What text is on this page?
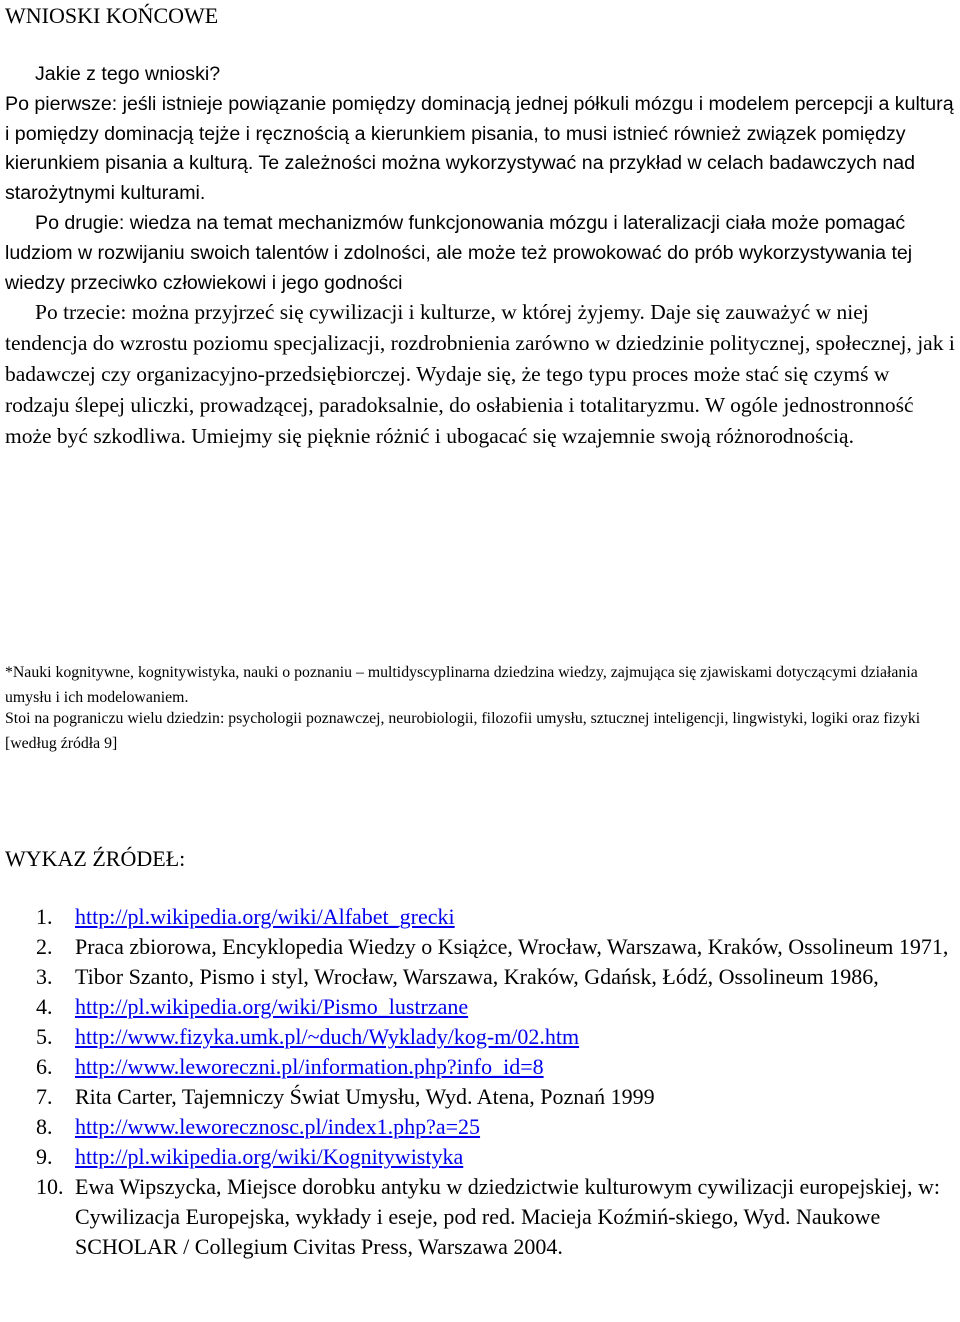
WNIOSKI KOŃCOWE

Jakie z tego wnioski?
Po pierwsze: jeśli istnieje powiązanie pomiędzy dominacją jednej półkuli mózgu i modelem percepcji a kulturą i pomiędzy dominacją tejże i ręcznością a kierunkiem pisania, to musi istnieć również związek pomiędzy kierunkiem pisania a kulturą. Te zależności można wykorzystywać na przykład w celach badawczych nad starożytnymi kulturami.
Po drugie: wiedza na temat mechanizmów funkcjonowania mózgu i lateralizacji ciała może pomagać ludziom w rozwijaniu swoich talentów i zdolności, ale może też prowokować do prób wykorzystywania tej wiedzy przeciwko człowiekowi i jego godności
Po trzecie: można przyjrzeć się cywilizacji i kulturze, w której żyjemy. Daje się zauważyć w niej tendencja do wzrostu poziomu specjalizacji, rozdrobnienia zarówno w dziedzinie politycznej, społecznej, jak i badawczej czy organizacyjno-przedsiębiorczej. Wydaje się, że tego typu proces może stać się czymś w rodzaju ślepej uliczki, prowadzącej, paradoksalnie, do osłabienia i totalitaryzmu. W ogóle jednostronność może być szkodliwa. Umiejmy się pięknie różnić i ubogacać się wzajemnie swoją różnorodnością.

*Nauki kognitywne, kognitywistyka, nauki o poznaniu – multidyscyplinarna dziedzina wiedzy, zajmująca się zjawiskami dotyczącymi działania umysłu i ich modelowaniem.

Stoi na pograniczu wielu dziedzin: psychologii poznawczej, neurobiologii, filozofii umysłu, sztucznej inteligencji, lingwistyki, logiki oraz fizyki [według źródła 9]

WYKAZ ŹRÓDEŁ:
1. http://pl.wikipedia.org/wiki/Alfabet_grecki
2. Praca zbiorowa, Encyklopedia Wiedzy o Książce, Wrocław, Warszawa, Kraków, Ossolineum 1971,
3. Tibor Szanto, Pismo i styl, Wrocław, Warszawa, Kraków, Gdańsk, Łódź, Ossolineum 1986,
4. http://pl.wikipedia.org/wiki/Pismo_lustrzane
5. http://www.fizyka.umk.pl/~duch/Wyklady/kog-m/02.htm
6. http://www.leworeczni.pl/information.php?info_id=8
7. Rita Carter, Tajemniczy Świat Umysłu, Wyd. Atena, Poznań 1999
8. http://www.leworecznosc.pl/index1.php?a=25
9. http://pl.wikipedia.org/wiki/Kognitywistyka
10. Ewa Wipszycka, Miejsce dorobku antyku w dziedzictwie kulturowym cywilizacji europejskiej, w: Cywilizacja Europejska, wykłady i eseje, pod red. Macieja Koźmiń-skiego, Wyd. Naukowe SCHOLAR / Collegium Civitas Press, Warszawa 2004.
